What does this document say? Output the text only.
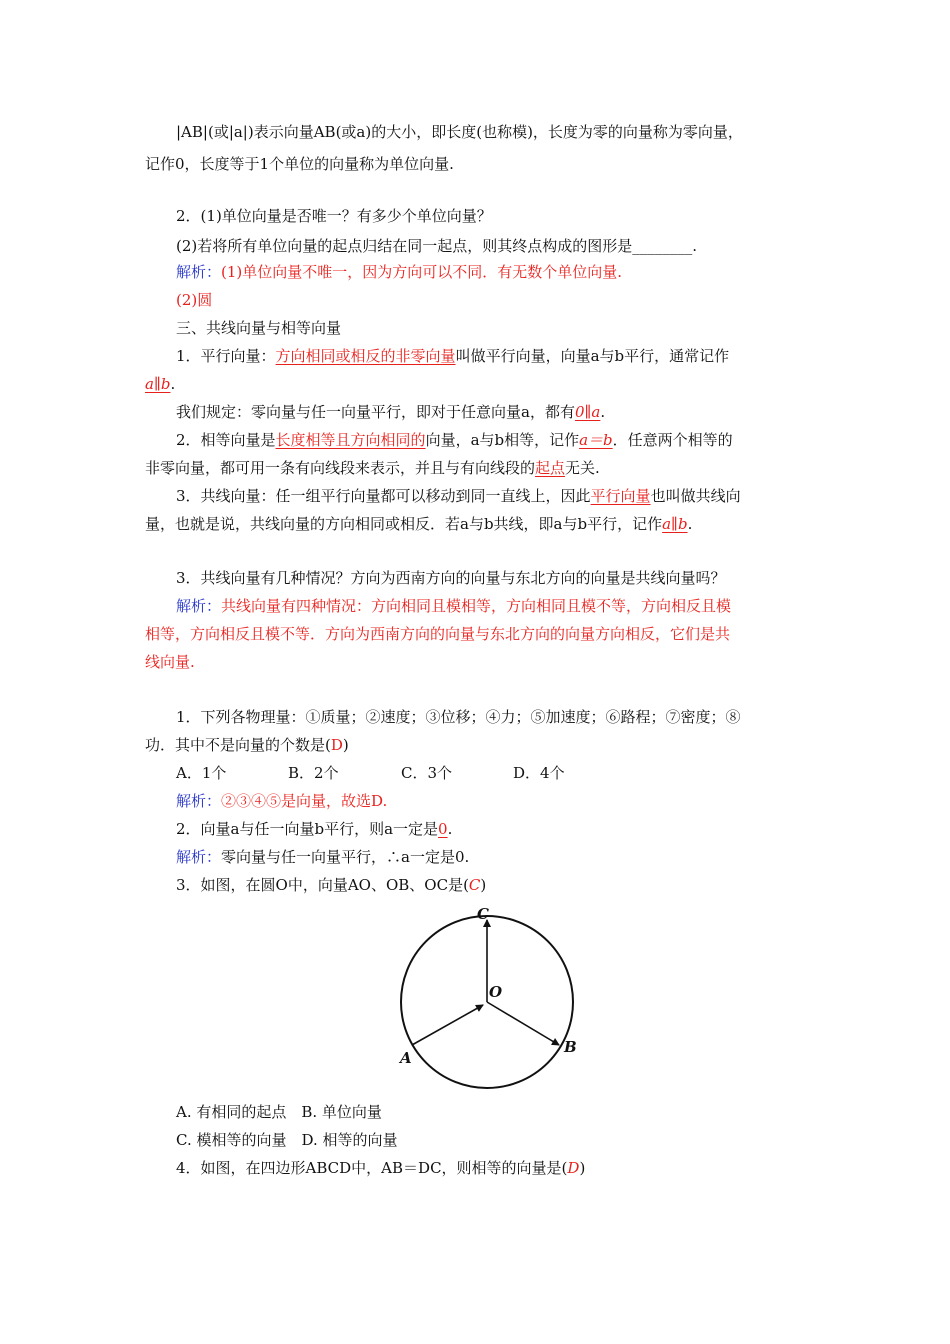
|AB|(或|a|)表示向量AB(或a)的大小，即长度(也称模)，长度为零的向量称为零向量，
记作0，长度等于1个单位的向量称为单位向量.
2．(1)单位向量是否唯一？有多少个单位向量？
(2)若将所有单位向量的起点归结在同一起点，则其终点构成的图形是________.
解析：(1)单位向量不唯一，因为方向可以不同．有无数个单位向量.
(2)圆
三、共线向量与相等向量
1．平行向量：方向相同或相反的非零向量叫做平行向量，向量a与b平行，通常记作
a∥b.
我们规定：零向量与任一向量平行，即对于任意向量a，都有0∥a.
2．相等向量是长度相等且方向相同的向量，a与b相等，记作a＝b．任意两个相等的
非零向量，都可用一条有向线段来表示，并且与有向线段的起点无关.
3．共线向量：任一组平行向量都可以移动到同一直线上，因此平行向量也叫做共线向
量，也就是说，共线向量的方向相同或相反．若a与b共线，即a与b平行，记作a∥b.
3．共线向量有几种情况？方向为西南方向的向量与东北方向的向量是共线向量吗？
解析：共线向量有四种情况：方向相同且模相等，方向相同且模不等，方向相反且模
相等，方向相反且模不等．方向为西南方向的向量与东北方向的向量方向相反，它们是共
线向量.
1．下列各物理量：①质量；②速度；③位移；④力；⑤加速度；⑥路程；⑦密度；⑧
功．其中不是向量的个数是(D)
A．1个	B．2个	C．3个	D．4个
解析：②③④⑤是向量，故选D.
2．向量a与任一向量b平行，则a一定是0.
解析：零向量与任一向量平行，∴a一定是0.
3．如图，在圆O中，向量AO、OB、OC是(C)
C
O
A
B
A. 有相同的起点　B. 单位向量
C. 模相等的向量　D. 相等的向量
4．如图，在四边形ABCD中，AB＝DC，则相等的向量是(D)
